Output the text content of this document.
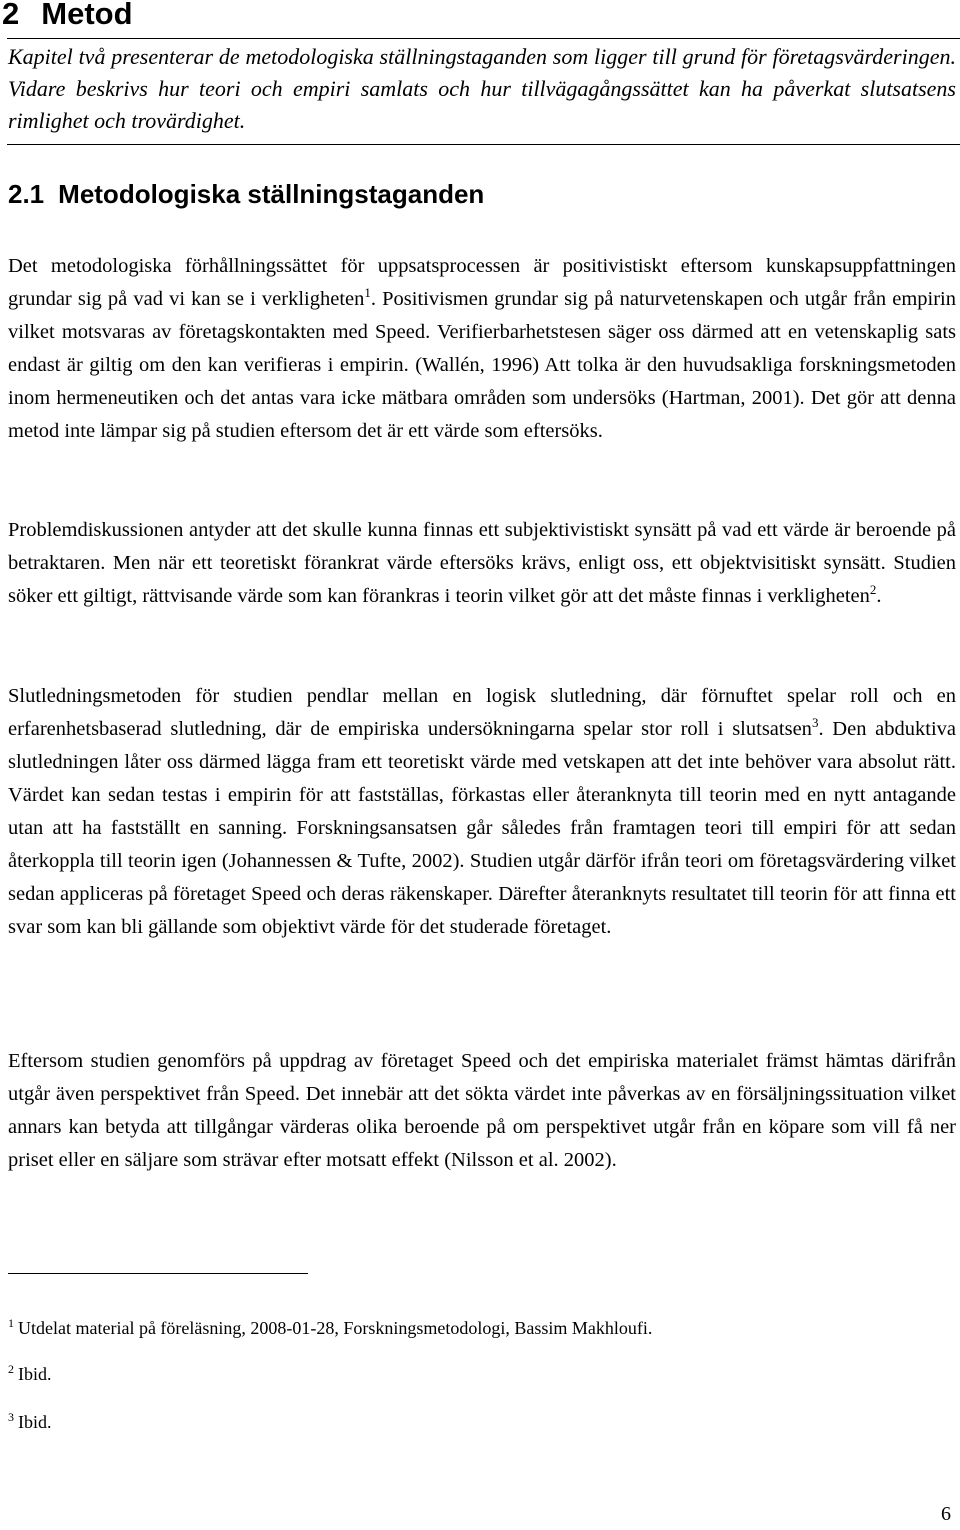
2 Metod

Kapitel två presenterar de metodologiska ställningstaganden som ligger till grund för företagsvärderingen. Vidare beskrivs hur teori och empiri samlats och hur tillvägagångssättet kan ha påverkat slutsatsens rimlighet och trovärdighet.

2.1 Metodologiska ställningstaganden

Det metodologiska förhållningssättet för uppsatsprocessen är positivistiskt eftersom kunskapsuppfattningen grundar sig på vad vi kan se i verkligheten$^1$. Positivismen grundar sig på naturvetenskapen och utgår från empirin vilket motsvaras av företagskontakten med Speed. Verifierbarhetstesen säger oss därmed att en vetenskaplig sats endast är giltig om den kan verifieras i empirin. (Wallén, 1996) Att tolka är den huvudsakliga forskningsmetoden inom hermeneutiken och det antas vara icke mätbara områden som undersöks (Hartman, 2001). Det gör att denna metod inte lämpar sig på studien eftersom det är ett värde som eftersöks.

Problemdiskussionen antyder att det skulle kunna finnas ett subjektivistiskt synsätt på vad ett värde är beroende på betraktaren. Men när ett teoretiskt förankrat värde eftersöks krävs, enligt oss, ett objektvisitiskt synsätt. Studien söker ett giltigt, rättvisande värde som kan förankras i teorin vilket gör att det måste finnas i verkligheten$^2$.

Slutledningsmetoden för studien pendlar mellan en logisk slutledning, där förnuftet spelar roll och en erfarenhetsbaserad slutledning, där de empiriska undersökningarna spelar stor roll i slutsatsen$^3$. Den abduktiva slutledningen låter oss därmed lägga fram ett teoretiskt värde med vetskapen att det inte behöver vara absolut rätt. Värdet kan sedan testas i empirin för att fastställas, förkastas eller återanknyta till teorin med en nytt antagande utan att ha fastställt en sanning. Forskningsansatsen går således från framtagen teori till empiri för att sedan återkoppla till teorin igen (Johannessen & Tufte, 2002). Studien utgår därför ifrån teori om företagsvärdering vilket sedan appliceras på företaget Speed och deras räkenskaper. Därefter återanknyts resultatet till teorin för att finna ett svar som kan bli gällande som objektivt värde för det studerade företaget.

Eftersom studien genomförs på uppdrag av företaget Speed och det empiriska materialet främst hämtas därifrån utgår även perspektivet från Speed. Det innebär att det sökta värdet inte påverkas av en försäljningssituation vilket annars kan betyda att tillgångar värderas olika beroende på om perspektivet utgår från en köpare som vill få ner priset eller en säljare som strävar efter motsatt effekt (Nilsson et al. 2002).

$^1$ Utdelat material på föreläsning, 2008-01-28, Forskningsmetodologi, Bassim Makhloufi.

$^2$ Ibid.

$^3$ Ibid.

6
